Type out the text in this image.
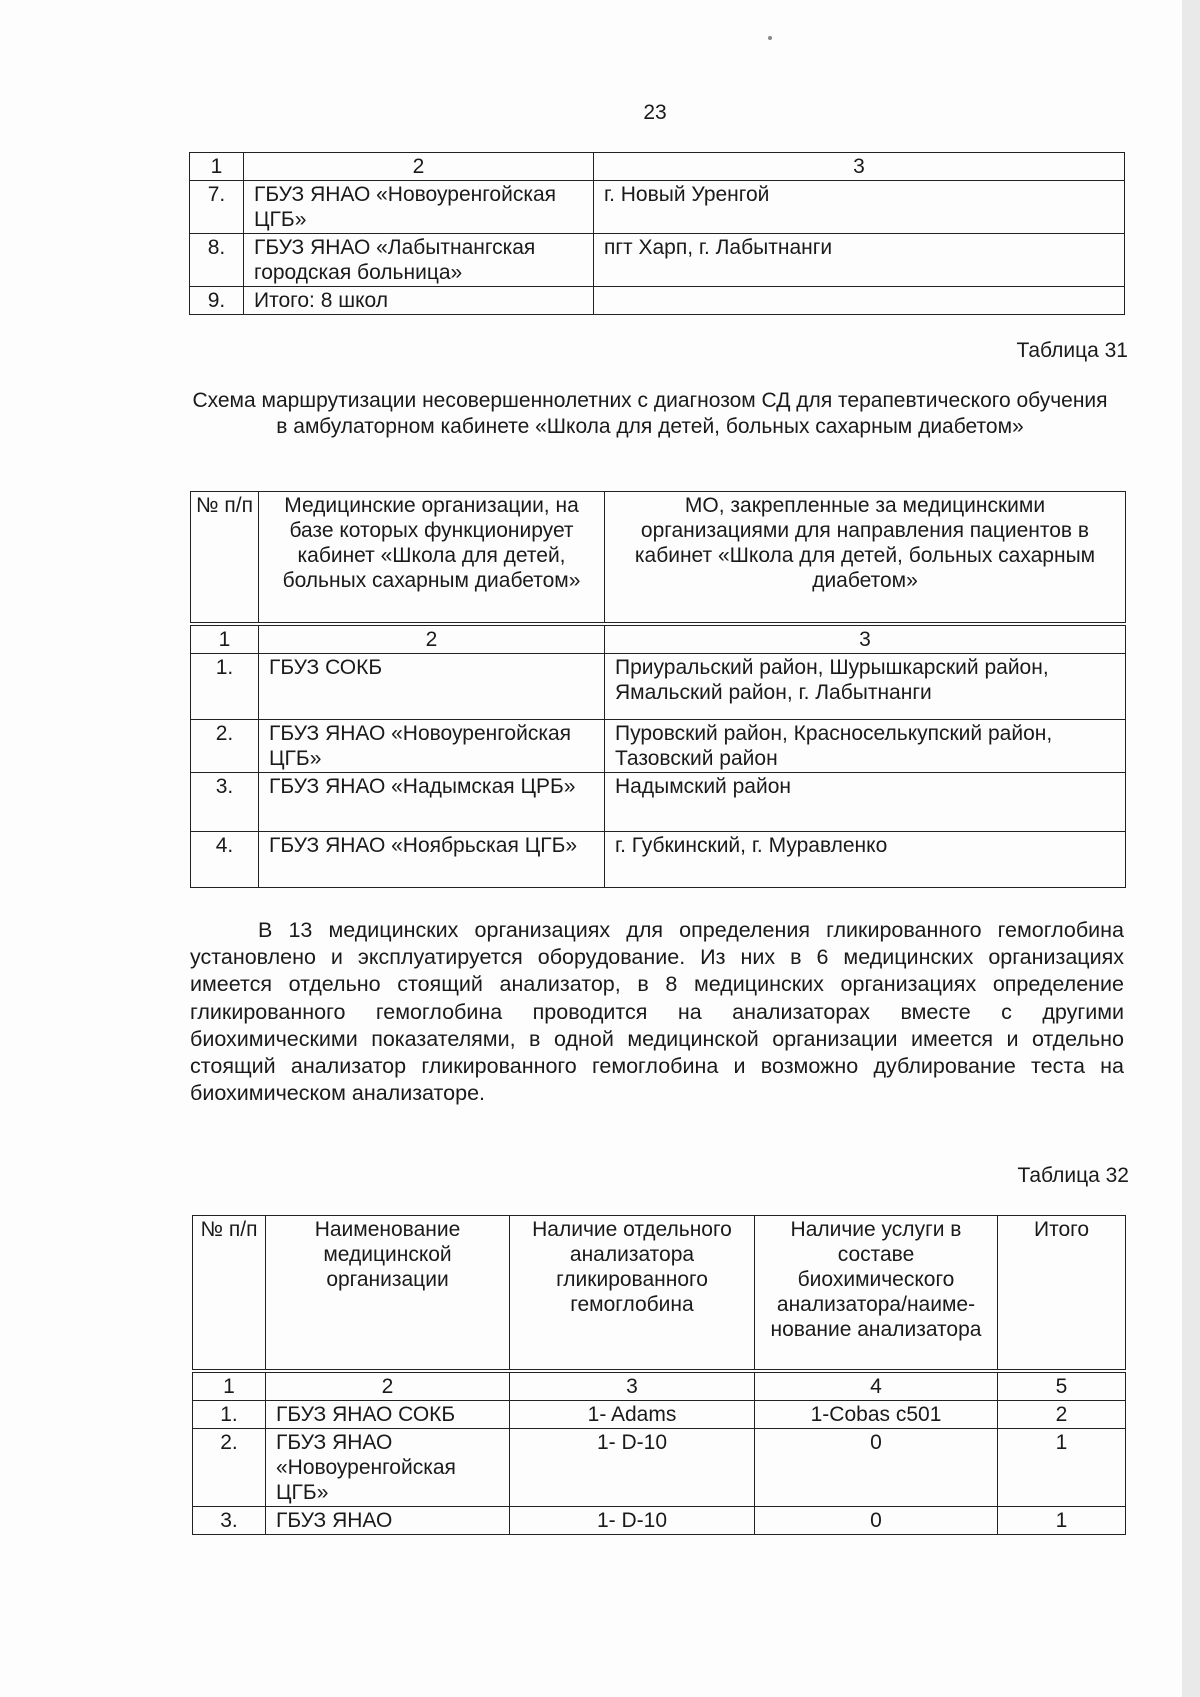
23
1	2	3
7.	ГБУЗ ЯНАО «Новоуренгойская ЦГБ»	г. Новый Уренгой
8.	ГБУЗ ЯНАО «Лабытнангская городская больница»	пгт Харп, г. Лабытнанги
9.	Итого: 8 школ	
Таблица 31
Схема маршрутизации несовершеннолетних с диагнозом СД для терапевтического обучения в амбулаторном кабинете «Школа для детей, больных сахарным диабетом»
№ п/п	Медицинские организации, на базе которых функционирует кабинет «Школа для детей, больных сахарным диабетом»	МО, закрепленные за медицинскими организациями для направления пациентов в кабинет «Школа для детей, больных сахарным диабетом»
1	2	3
1.	ГБУЗ СОКБ	Приуральский район, Шурышкарский район, Ямальский район, г. Лабытнанги
2.	ГБУЗ ЯНАО «Новоуренгойская ЦГБ»	Пуровский район, Красноселькупский район, Тазовский район
3.	ГБУЗ ЯНАО «Надымская ЦРБ»	Надымский район
4.	ГБУЗ ЯНАО «Ноябрьская ЦГБ»	г. Губкинский, г. Муравленко
В 13 медицинских организациях для определения гликированного гемоглобина установлено и эксплуатируется оборудование. Из них в 6 медицинских организациях имеется отдельно стоящий анализатор, в 8 медицинских организациях определение гликированного гемоглобина проводится на анализаторах вместе с другими биохимическими показателями, в одной медицинской организации имеется и отдельно стоящий анализатор гликированного гемоглобина и возможно дублирование теста на биохимическом анализаторе.
Таблица 32
№ п/п	Наименование медицинской организации	Наличие отдельного анализатора гликированного гемоглобина	Наличие услуги в составе биохимического анализатора/наиме-нование анализатора	Итого
1	2	3	4	5
1.	ГБУЗ ЯНАО СОКБ	1- Adams	1-Cobas c501	2
2.	ГБУЗ ЯНАО «Новоуренгойская ЦГБ»	1- D-10	0	1
3.	ГБУЗ ЯНАО	1- D-10	0	1
